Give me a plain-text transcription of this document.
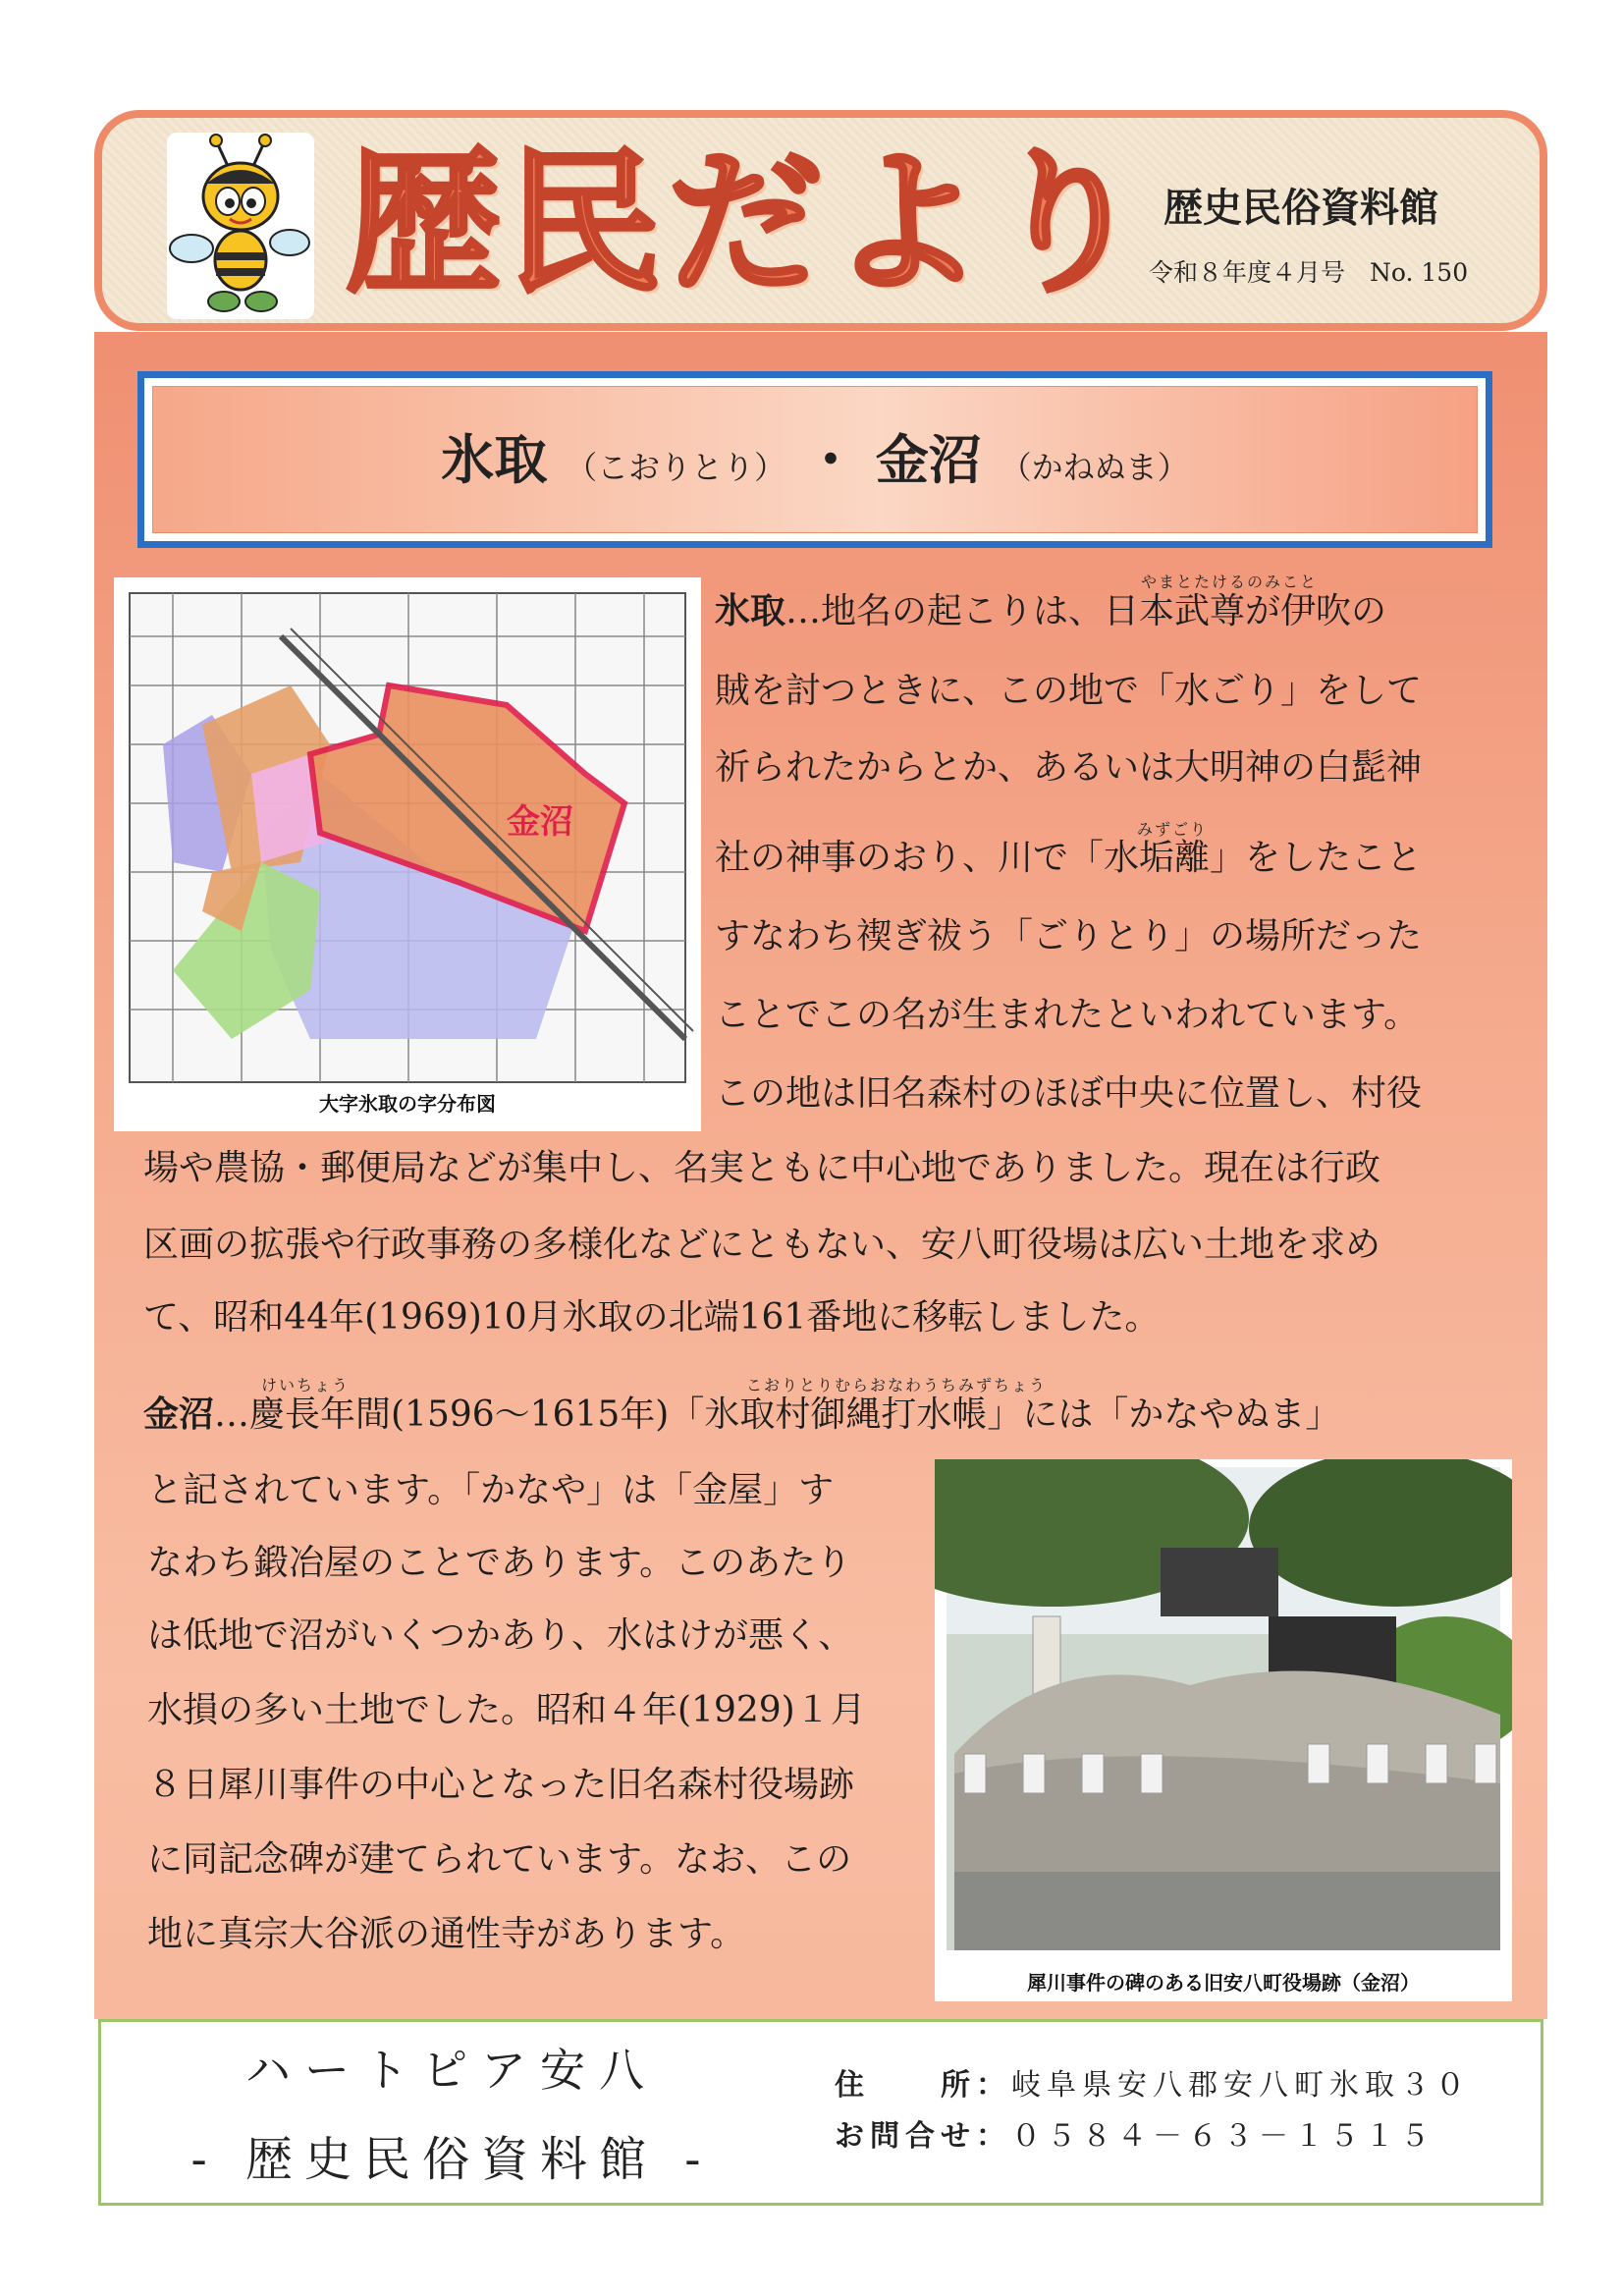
歴民だより 歴史民俗資料館
令和８年度４月号　No. 150
氷取 （こおりとり） ・ 金沼 （かねぬま）
金沼
大字氷取の字分布図
やまとたけるのみこと
氷取…地名の起こりは、日本武尊が伊吹の
賊を討つときに、この地で「水ごり」をして
祈られたからとか、あるいは大明神の白髭神
みずごり
社の神事のおり、川で「水垢離」をしたこと
すなわち禊ぎ祓う「ごりとり」の場所だった
ことでこの名が生まれたといわれています。
この地は旧名森村のほぼ中央に位置し、村役
場や農協・郵便局などが集中し、名実ともに中心地でありました。現在は行政
区画の拡張や行政事務の多様化などにともない、安八町役場は広い土地を求め
て、昭和44年(1969)10月氷取の北端161番地に移転しました。
けいちょう	こおりとりむらおなわうちみずちょう
金沼…慶長年間(1596～1615年)「氷取村御縄打水帳」には「かなやぬま」
と記されています。「かなや」は「金屋」す
なわち鍛冶屋のことであります。このあたり
は低地で沼がいくつかあり、水はけが悪く、
水損の多い土地でした。昭和４年(1929)１月
８日犀川事件の中心となった旧名森村役場跡
に同記念碑が建てられています。なお、この
地に真宗大谷派の通性寺があります。
犀川事件の碑のある旧安八町役場跡（金沼）
ハートピア安八
- 歴史民俗資料館 -
住　　所：岐阜県安八郡安八町氷取３０
お問合せ：０５８４－６３－１５１５
